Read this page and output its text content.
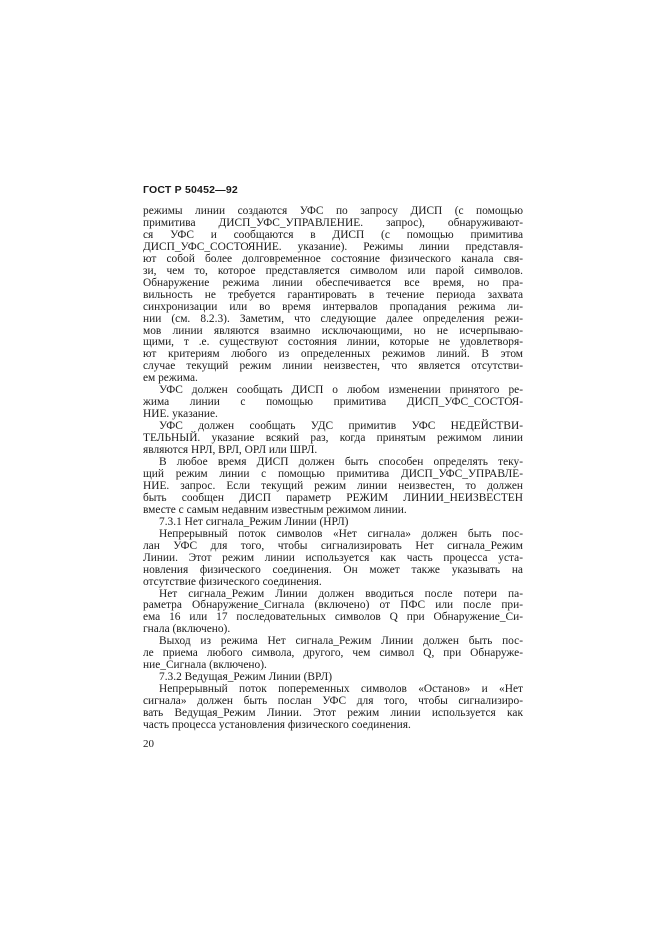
ГОСТ Р 50452—92
режимы линии создаются УФС по запросу ДИСП (с помощью
примитива ДИСП_УФС_УПРАВЛЕНИЕ. запрос), обнаруживают-
ся УФС и сообщаются в ДИСП (с помощью примитива
ДИСП_УФС_СОСТОЯНИЕ. указание). Режимы линии представля-
ют собой более долговременное состояние физического канала свя-
зи, чем то, которое представляется символом или парой символов.
Обнаружение режима линии обеспечивается все время, но пра-
вильность не требуется гарантировать в течение периода захвата
синхронизации или во время интервалов пропадания режима ли-
нии (см. 8.2.3). Заметим, что следующие далее определения режи-
мов линии являются взаимно исключающими, но не исчерпываю-
щими, т .е. существуют состояния линии, которые не удовлетворя-
ют критериям любого из определенных режимов линий. В этом
случае текущий режим линии неизвестен, что является отсутстви-
ем режима.
УФС должен сообщать ДИСП о любом изменении принятого ре-
жима линии с помощью примитива ДИСП_УФС_СОСТОЯ-
НИЕ. указание.
УФС должен сообщать УДС примитив УФС НЕДЕЙСТВИ-
ТЕЛЬНЫЙ. указание всякий раз, когда принятым режимом линии
являются НРЛ, ВРЛ, ОРЛ или ШРЛ.
В любое время ДИСП должен быть способен определять теку-
щий режим линии с помощью примитива ДИСП_УФС_УПРАВЛЕ-
НИЕ. запрос. Если текущий режим линии неизвестен, то должен
быть сообщен ДИСП параметр РЕЖИМ ЛИНИИ_НЕИЗВЕСТЕН
вместе с самым недавним известным режимом линии.
7.3.1 Нет сигнала_Режим Линии (НРЛ)
Непрерывный поток символов «Нет сигнала» должен быть пос-
лан УФС для того, чтобы сигнализировать Нет сигнала_Режим
Линии. Этот режим линии используется как часть процесса уста-
новления физического соединения. Он может также указывать на
отсутствие физического соединения.
Нет сигнала_Режим Линии должен вводиться после потери па-
раметра Обнаружение_Сигнала (включено) от ПФС или после при-
ема 16 или 17 последовательных символов Q при Обнаружение_Си-
гнала (включено).
Выход из режима Нет сигнала_Режим Линии должен быть пос-
ле приема любого символа, другого, чем символ Q, при Обнаруже-
ние_Сигнала (включено).
7.3.2 Ведущая_Режим Линии (ВРЛ)
Непрерывный поток попеременных символов «Останов» и «Нет
сигнала» должен быть послан УФС для того, чтобы сигнализиро-
вать Ведущая_Режим Линии. Этот режим линии используется как
часть процесса установления физического соединения.
20
